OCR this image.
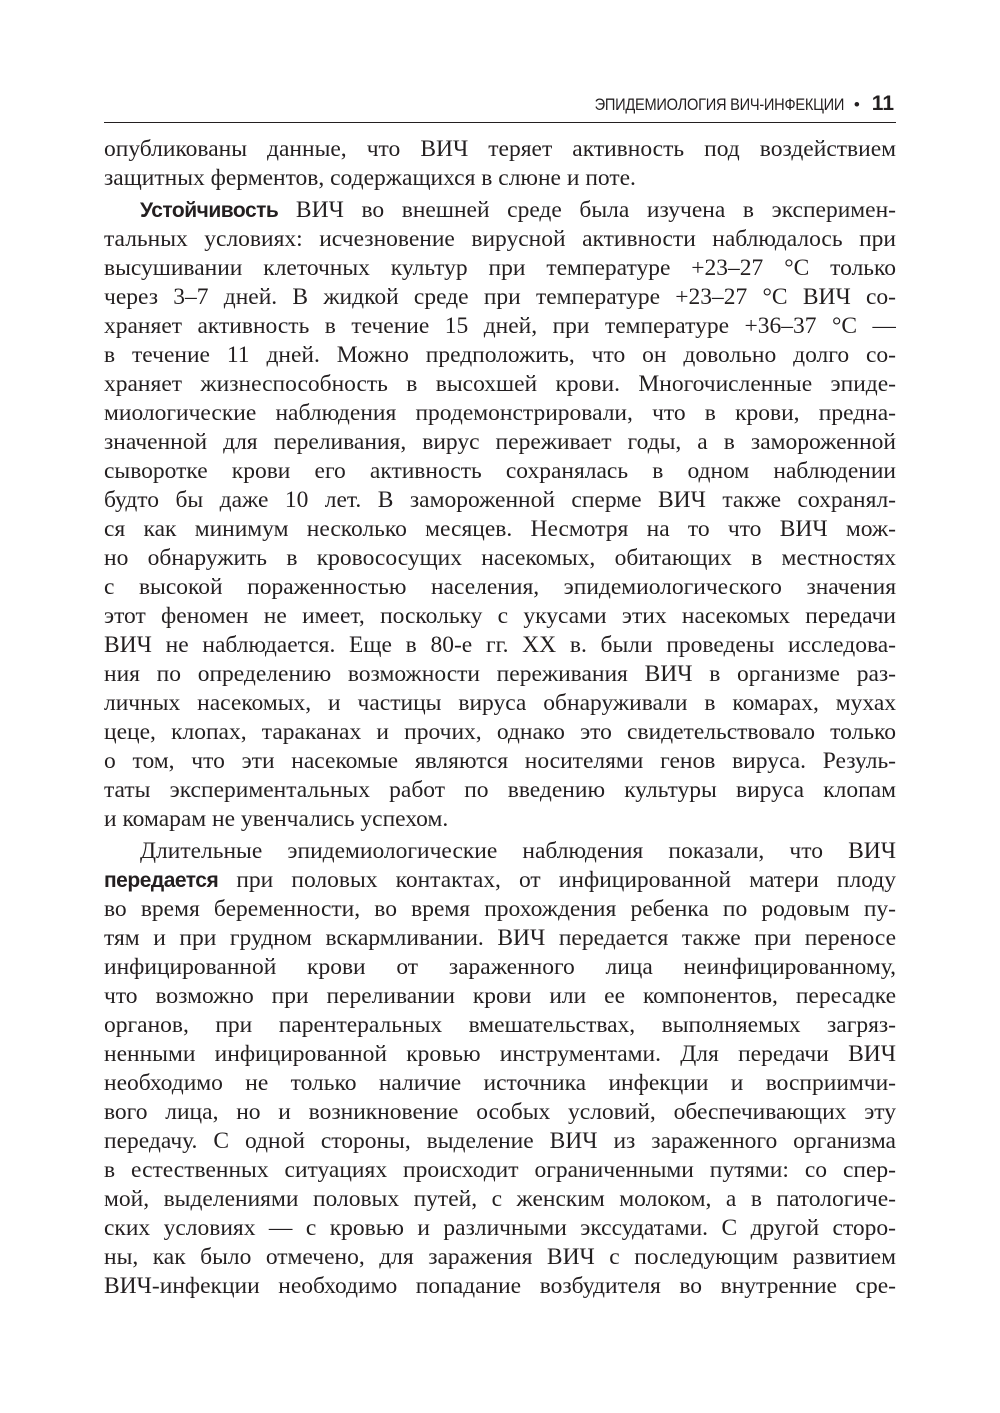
ЭПИДЕМИОЛОГИЯ ВИЧ-ИНФЕКЦИИ • 11
опубликованы данные, что ВИЧ теряет активность под воздействием
защитных ферментов, содержащихся в слюне и поте.
Устойчивость ВИЧ во внешней среде была изучена в эксперимен-
тальных условиях: исчезновение вирусной активности наблюдалось при
высушивании клеточных культур при температуре +23–27 °С только
через 3–7 дней. В жидкой среде при температуре +23–27 °С ВИЧ со-
храняет активность в течение 15 дней, при температуре +36–37 °С —
в течение 11 дней. Можно предположить, что он довольно долго со-
храняет жизнеспособность в высохшей крови. Многочисленные эпиде-
миологические наблюдения продемонстрировали, что в крови, предна-
значенной для переливания, вирус переживает годы, а в замороженной
сыворотке крови его активность сохранялась в одном наблюдении
будто бы даже 10 лет. В замороженной сперме ВИЧ также сохранял-
ся как минимум несколько месяцев. Несмотря на то что ВИЧ мож-
но обнаружить в кровососущих насекомых, обитающих в местностях
с высокой пораженностью населения, эпидемиологического значения
этот феномен не имеет, поскольку с укусами этих насекомых передачи
ВИЧ не наблюдается. Еще в 80-е гг. XX в. были проведены исследова-
ния по определению возможности переживания ВИЧ в организме раз-
личных насекомых, и частицы вируса обнаруживали в комарах, мухах
цеце, клопах, тараканах и прочих, однако это свидетельствовало только
о том, что эти насекомые являются носителями генов вируса. Резуль-
таты экспериментальных работ по введению культуры вируса клопам
и комарам не увенчались успехом.
Длительные эпидемиологические наблюдения показали, что ВИЧ
передается при половых контактах, от инфицированной матери плоду
во время беременности, во время прохождения ребенка по родовым пу-
тям и при грудном вскармливании. ВИЧ передается также при переносе
инфицированной крови от зараженного лица неинфицированному,
что возможно при переливании крови или ее компонентов, пересадке
органов, при парентеральных вмешательствах, выполняемых загряз-
ненными инфицированной кровью инструментами. Для передачи ВИЧ
необходимо не только наличие источника инфекции и восприимчи-
вого лица, но и возникновение особых условий, обеспечивающих эту
передачу. С одной стороны, выделение ВИЧ из зараженного организма
в естественных ситуациях происходит ограниченными путями: со спер-
мой, выделениями половых путей, с женским молоком, а в патологиче-
ских условиях — с кровью и различными экссудатами. С другой сторо-
ны, как было отмечено, для заражения ВИЧ с последующим развитием
ВИЧ-инфекции необходимо попадание возбудителя во внутренние сре-
